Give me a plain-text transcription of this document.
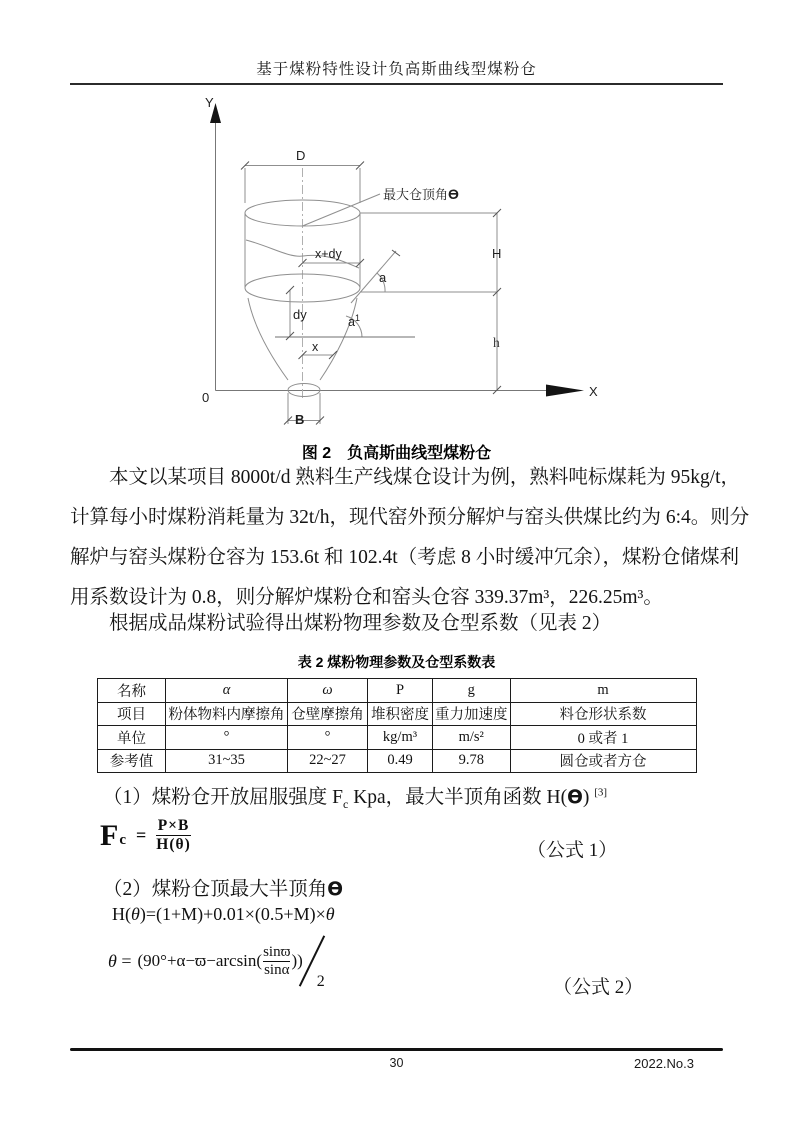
基于煤粉特性设计负高斯曲线型煤粉仓
Y
X
0
D
最大仓顶角ϴ
x+dy
a
$a^1$
dy
x
B
H
h
图 2　负高斯曲线型煤粉仓
本文以某项目 8000t/d 熟料生产线煤仓设计为例，熟料吨标煤耗为 95kg/t，
计算每小时煤粉消耗量为 32t/h，现代窑外预分解炉与窑头供煤比约为 6:4。则分
解炉与窑头煤粉仓容为 153.6t 和 102.4t（考虑 8 小时缓冲冗余），煤粉仓储煤利
用系数设计为 0.8，则分解炉煤粉仓和窑头仓容 339.37m³，226.25m³。
根据成品煤粉试验得出煤粉物理参数及仓型系数（见表 2）
表 2 煤粉物理参数及仓型系数表
名称	α	ω	P	g	m
项目	粉体物料内摩擦角	仓壁摩擦角	堆积密度	重力加速度	料仓形状系数
单位	°	°	kg/m³	m/s²	0 或者 1
参考值	31~35	22~27	0.49	9.78	圆仓或者方仓
（1）煤粉仓开放屈服强度 $F_c$ Kpa，最大半顶角函数 H(ϴ) [3]
F $c = \frac{P\times B}{H(\theta)}$	（公式 1）
（2）煤粉仓顶最大半顶角ϴ
H(θ)=(1+M)+0.01×(0.5+M)×θ
$\theta = (90^\circ+\alpha-ϖ-\arcsin( \frac{\sin ϖ}{\sin\alpha}$ ))
2	（公式 2）
30	2022.No.3
